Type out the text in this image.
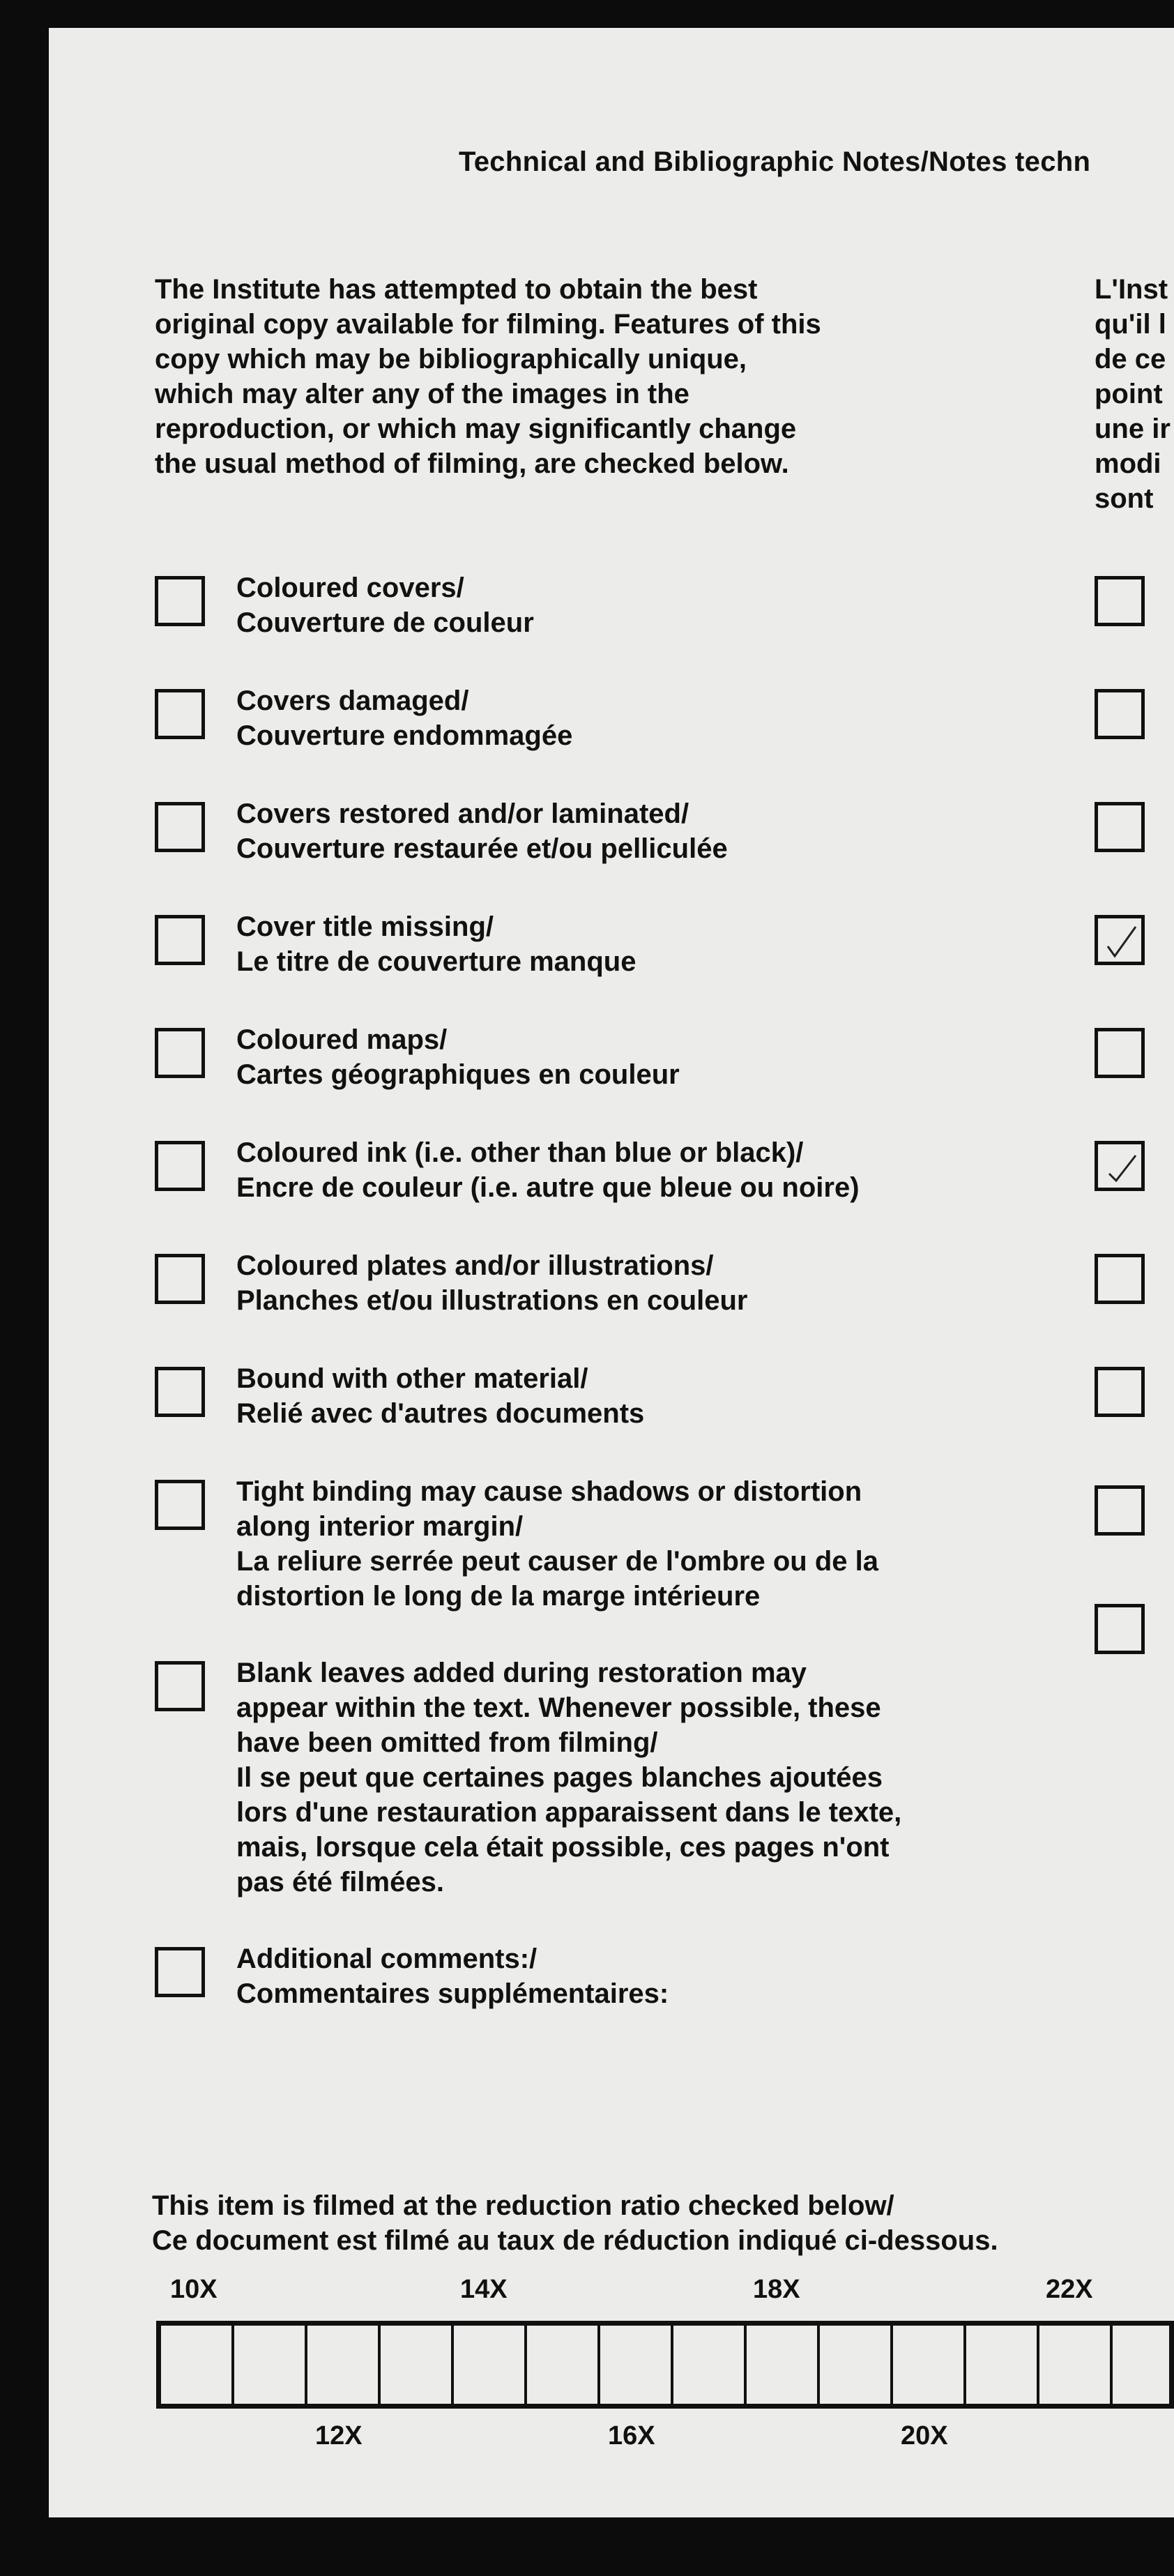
Technical and Bibliographic Notes/Notes techn
The Institute has attempted to obtain the best
original copy available for filming. Features of this
copy which may be bibliographically unique,
which may alter any of the images in the
reproduction, or which may significantly change
the usual method of filming, are checked below.
L'Inst
qu'il l
de ce
point
une ir
modi
sont
Coloured covers/
Couverture de couleur
Covers damaged/
Couverture endommagée
Covers restored and/or laminated/
Couverture restaurée et/ou pelliculée
Cover title missing/
Le titre de couverture manque
Coloured maps/
Cartes géographiques en couleur
Coloured ink (i.e. other than blue or black)/
Encre de couleur (i.e. autre que bleue ou noire)
Coloured plates and/or illustrations/
Planches et/ou illustrations en couleur
Bound with other material/
Relié avec d'autres documents
Tight binding may cause shadows or distortion
along interior margin/
La reliure serrée peut causer de l'ombre ou de la
distortion le long de la marge intérieure
Blank leaves added during restoration may
appear within the text. Whenever possible, these
have been omitted from filming/
Il se peut que certaines pages blanches ajoutées
lors d'une restauration apparaissent dans le texte,
mais, lorsque cela était possible, ces pages n'ont
pas été filmées.
Additional comments:/
Commentaires supplémentaires:
This item is filmed at the reduction ratio checked below/
Ce document est filmé au taux de réduction indiqué ci-dessous.
10X	14X	18X	22X
12X	16X	20X
